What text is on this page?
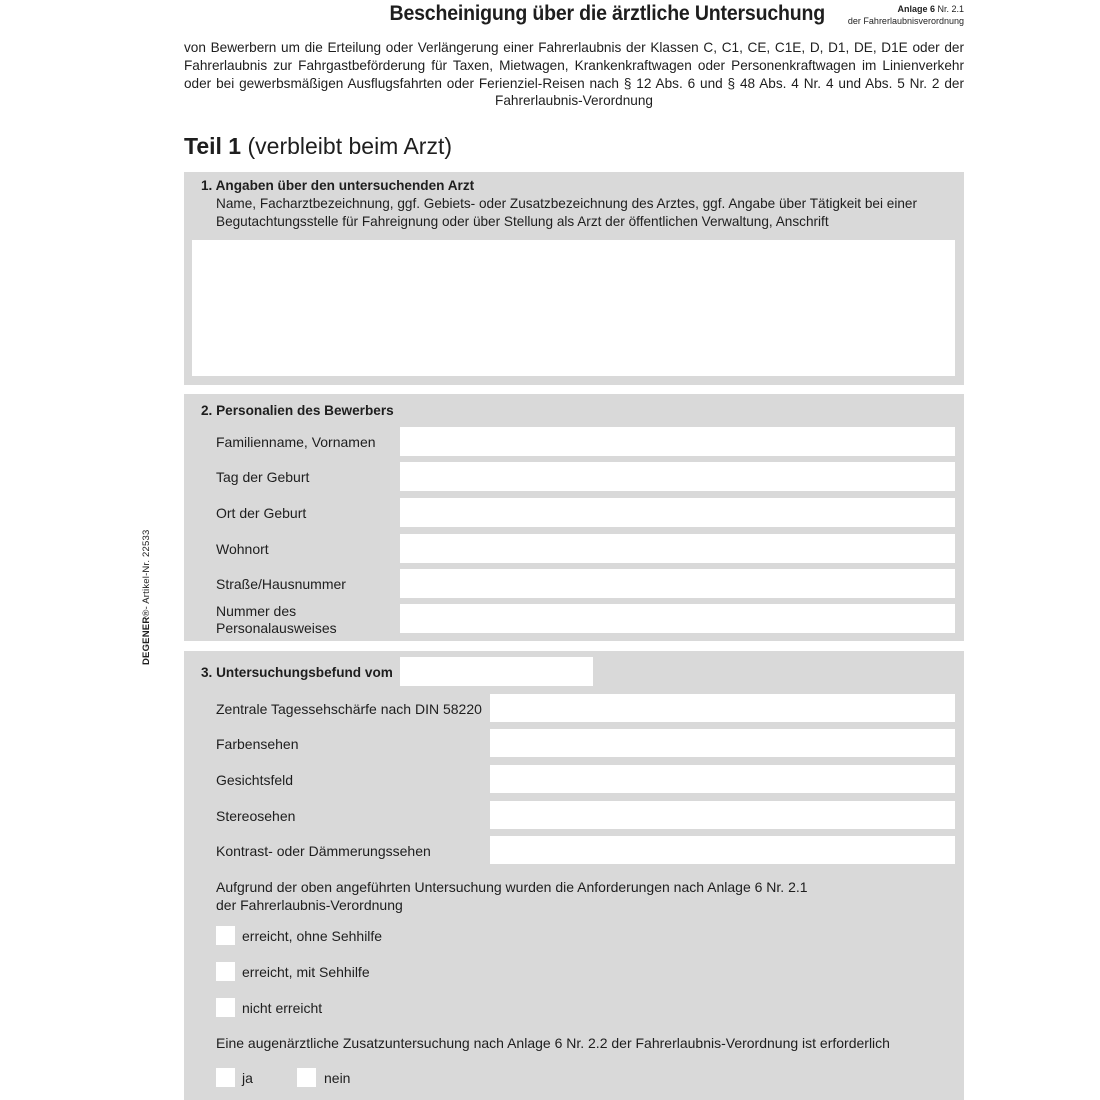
Bescheinigung über die ärztliche Untersuchung	Anlage 6 Nr. 2.1
der Fahrerlaubnisverordnung
von Bewerbern um die Erteilung oder Verlängerung einer Fahrerlaubnis der Klassen C, C1, CE, C1E, D, D1, DE, D1E oder der Fahrerlaubnis zur Fahrgastbeförderung für Taxen, Mietwagen, Krankenkraftwagen oder Personenkraftwagen im Linienverkehr oder bei gewerbsmäßigen Ausflugsfahrten oder Ferienziel-Reisen nach § 12 Abs. 6 und § 48 Abs. 4 Nr. 4 und Abs. 5 Nr. 2 der Fahrerlaubnis-Verordnung
Teil 1 (verbleibt beim Arzt)
DEGENER®- Artikel-Nr. 22533
1. Angaben über den untersuchenden Arzt
Name, Facharztbezeichnung, ggf. Gebiets- oder Zusatzbezeichnung des Arztes, ggf. Angabe über Tätigkeit bei einer Begutachtungsstelle für Fahreignung oder über Stellung als Arzt der öffentlichen Verwaltung, Anschrift
2. Personalien des Bewerbers
Familienname, Vornamen
Tag der Geburt
Ort der Geburt
Wohnort
Straße/Hausnummer
Nummer des Personalausweises
3. Untersuchungsbefund vom
Zentrale Tagessehschärfe nach DIN 58220
Farbensehen
Gesichtsfeld
Stereosehen
Kontrast- oder Dämmerungssehen
Aufgrund der oben angeführten Untersuchung wurden die Anforderungen nach Anlage 6 Nr. 2.1 der Fahrerlaubnis-Verordnung
erreicht, ohne Sehhilfe
erreicht, mit Sehhilfe
nicht erreicht
Eine augenärztliche Zusatzuntersuchung nach Anlage 6 Nr. 2.2 der Fahrerlaubnis-Verordnung ist erforderlich
ja	nein
